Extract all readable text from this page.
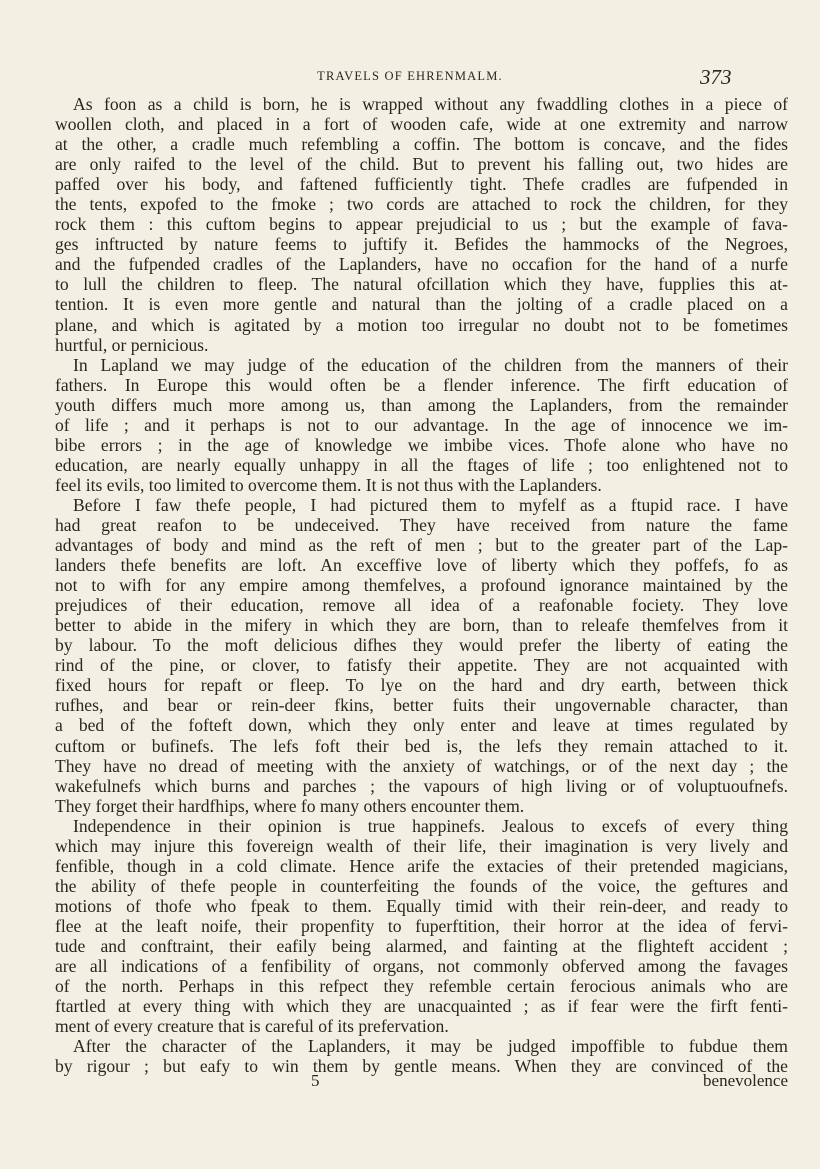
TRAVELS OF EHRENMALM.	373
As foon as a child is born, he is wrapped without any fwaddling clothes in a piece of
woollen cloth, and placed in a fort of wooden cafe, wide at one extremity and narrow
at the other, a cradle much refembling a coffin. The bottom is concave, and the fides
are only raifed to the level of the child. But to prevent his falling out, two hides are
paffed over his body, and faftened fufficiently tight. Thefe cradles are fufpended in
the tents, expofed to the fmoke ; two cords are attached to rock the children, for they
rock them : this cuftom begins to appear prejudicial to us ; but the example of fava-
ges inftructed by nature feems to juftify it. Befides the hammocks of the Negroes,
and the fufpended cradles of the Laplanders, have no occafion for the hand of a nurfe
to lull the children to fleep. The natural ofcillation which they have, fupplies this at-
tention. It is even more gentle and natural than the jolting of a cradle placed on a
plane, and which is agitated by a motion too irregular no doubt not to be fometimes
hurtful, or pernicious.
In Lapland we may judge of the education of the children from the manners of their
fathers. In Europe this would often be a flender inference. The firft education of
youth differs much more among us, than among the Laplanders, from the remainder
of life ; and it perhaps is not to our advantage. In the age of innocence we im-
bibe errors ; in the age of knowledge we imbibe vices. Thofe alone who have no
education, are nearly equally unhappy in all the ftages of life ; too enlightened not to
feel its evils, too limited to overcome them. It is not thus with the Laplanders.
Before I faw thefe people, I had pictured them to myfelf as a ftupid race. I have
had great reafon to be undeceived. They have received from nature the fame
advantages of body and mind as the reft of men ; but to the greater part of the Lap-
landers thefe benefits are loft. An exceffive love of liberty which they poffefs, fo as
not to wifh for any empire among themfelves, a profound ignorance maintained by the
prejudices of their education, remove all idea of a reafonable fociety. They love
better to abide in the mifery in which they are born, than to releafe themfelves from it
by labour. To the moft delicious difhes they would prefer the liberty of eating the
rind of the pine, or clover, to fatisfy their appetite. They are not acquainted with
fixed hours for repaft or fleep. To lye on the hard and dry earth, between thick
rufhes, and bear or rein-deer fkins, better fuits their ungovernable character, than
a bed of the fofteft down, which they only enter and leave at times regulated by
cuftom or bufinefs. The lefs foft their bed is, the lefs they remain attached to it.
They have no dread of meeting with the anxiety of watchings, or of the next day ; the
wakefulnefs which burns and parches ; the vapours of high living or of voluptuoufnefs.
They forget their hardfhips, where fo many others encounter them.
Independence in their opinion is true happinefs. Jealous to excefs of every thing
which may injure this fovereign wealth of their life, their imagination is very lively and
fenfible, though in a cold climate. Hence arife the extacies of their pretended magicians,
the ability of thefe people in counterfeiting the founds of the voice, the geftures and
motions of thofe who fpeak to them. Equally timid with their rein-deer, and ready to
flee at the leaft noife, their propenfity to fuperftition, their horror at the idea of fervi-
tude and conftraint, their eafily being alarmed, and fainting at the flighteft accident ;
are all indications of a fenfibility of organs, not commonly obferved among the favages
of the north. Perhaps in this refpect they refemble certain ferocious animals who are
ftartled at every thing with which they are unacquainted ; as if fear were the firft fenti-
ment of every creature that is careful of its prefervation.
After the character of the Laplanders, it may be judged impoffible to fubdue them
by rigour ; but eafy to win them by gentle means. When they are convinced of the
5	benevolence
